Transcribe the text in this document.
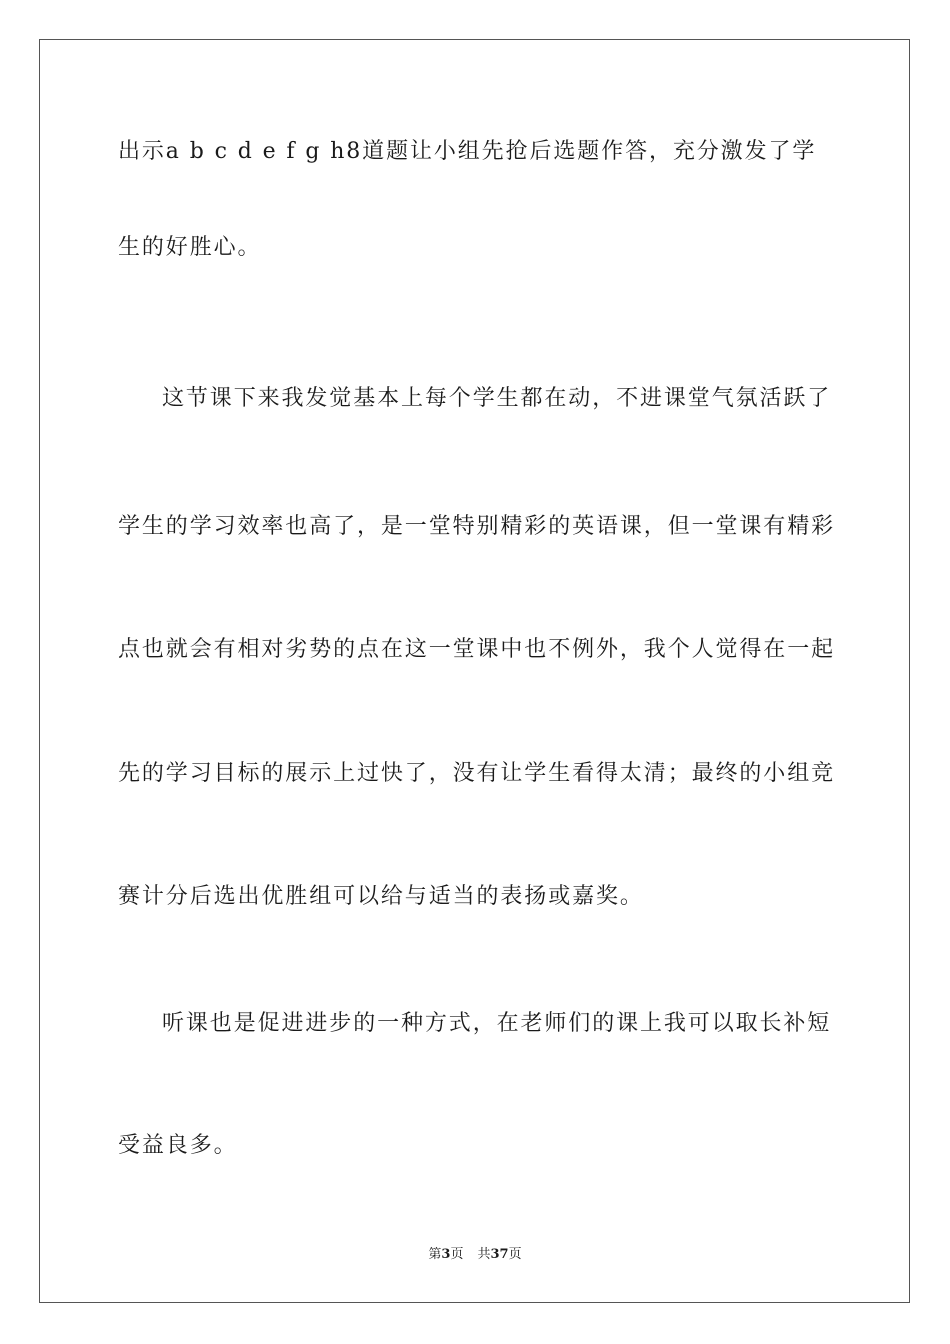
出示a b c d e f g h8道题让小组先抢后选题作答，充分激发了学
生的好胜心。
这节课下来我发觉基本上每个学生都在动，不进课堂气氛活跃了
学生的学习效率也高了，是一堂特别精彩的英语课，但一堂课有精彩
点也就会有相对劣势的点在这一堂课中也不例外，我个人觉得在一起
先的学习目标的展示上过快了，没有让学生看得太清；最终的小组竞
赛计分后选出优胜组可以给与适当的表扬或嘉奖。
听课也是促进进步的一种方式，在老师们的课上我可以取长补短
受益良多。
第3页 共37页
